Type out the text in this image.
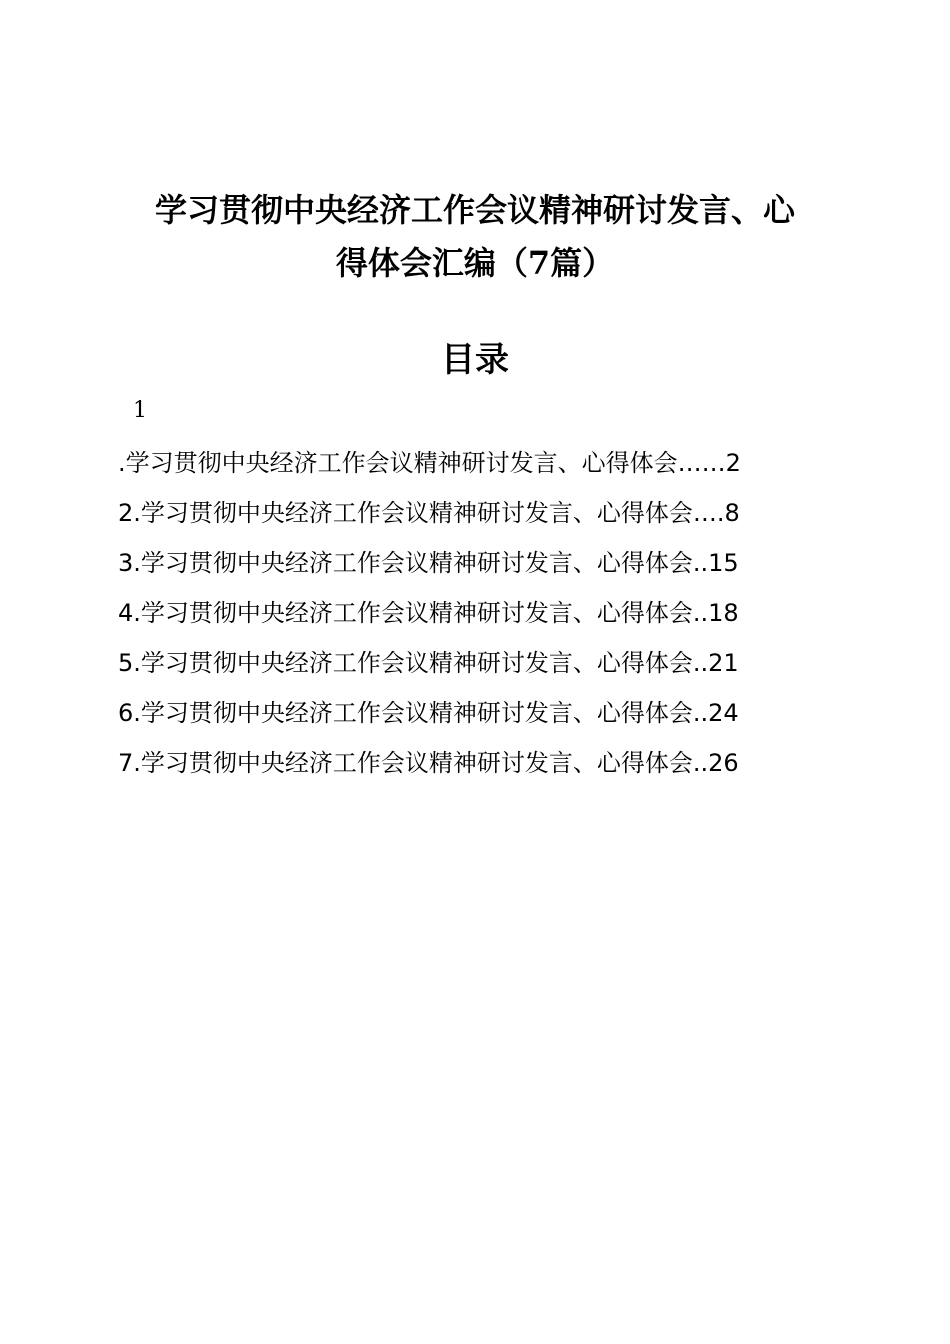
学习贯彻中央经济工作会议精神研讨发言、心
得体会汇编（7篇）
目录
1
.学习贯彻中央经济工作会议精神研讨发言、心得体会……2
2.学习贯彻中央经济工作会议精神研讨发言、心得体会….8
3.学习贯彻中央经济工作会议精神研讨发言、心得体会..15
4.学习贯彻中央经济工作会议精神研讨发言、心得体会..18
5.学习贯彻中央经济工作会议精神研讨发言、心得体会..21
6.学习贯彻中央经济工作会议精神研讨发言、心得体会..24
7.学习贯彻中央经济工作会议精神研讨发言、心得体会..26
